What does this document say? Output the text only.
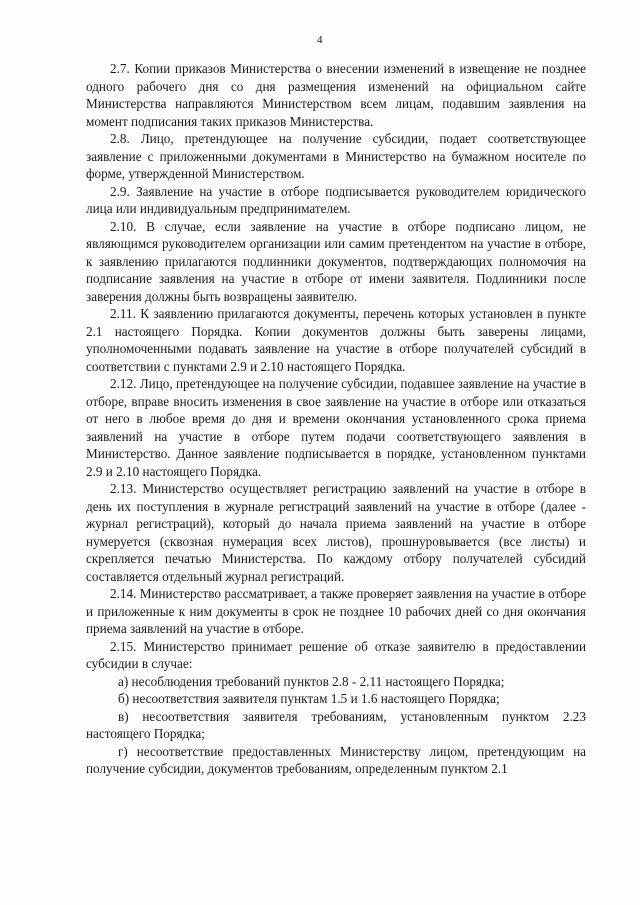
4

2.7. Копии приказов Министерства о внесении изменений в извещение не позднее одного рабочего дня со дня размещения изменений на официальном сайте Министерства направляются Министерством всем лицам, подавшим заявления на момент подписания таких приказов Министерства.

2.8. Лицо, претендующее на получение субсидии, подает соответствующее заявление с приложенными документами в Министерство на бумажном носителе по форме, утвержденной Министерством.

2.9. Заявление на участие в отборе подписывается руководителем юридического лица или индивидуальным предпринимателем.

2.10. В случае, если заявление на участие в отборе подписано лицом, не являющимся руководителем организации или самим претендентом на участие в отборе, к заявлению прилагаются подлинники документов, подтверждающих полномочия на подписание заявления на участие в отборе от имени заявителя. Подлинники после заверения должны быть возвращены заявителю.

2.11. К заявлению прилагаются документы, перечень которых установлен в пункте 2.1 настоящего Порядка. Копии документов должны быть заверены лицами, уполномоченными подавать заявление на участие в отборе получателей субсидий в соответствии с пунктами 2.9 и 2.10 настоящего Порядка.

2.12. Лицо, претендующее на получение субсидии, подавшее заявление на участие в отборе, вправе вносить изменения в свое заявление на участие в отборе или отказаться от него в любое время до дня и времени окончания установленного срока приема заявлений на участие в отборе путем подачи соответствующего заявления в Министерство. Данное заявление подписывается в порядке, установленном пунктами 2.9 и 2.10 настоящего Порядка.

2.13. Министерство осуществляет регистрацию заявлений на участие в отборе в день их поступления в журнале регистраций заявлений на участие в отборе (далее - журнал регистраций), который до начала приема заявлений на участие в отборе нумеруется (сквозная нумерация всех листов), прошнуровывается (все листы) и скрепляется печатью Министерства. По каждому отбору получателей субсидий составляется отдельный журнал регистраций.

2.14. Министерство рассматривает, а также проверяет заявления на участие в отборе и приложенные к ним документы в срок не позднее 10 рабочих дней со дня окончания приема заявлений на участие в отборе.

2.15. Министерство принимает решение об отказе заявителю в предоставлении субсидии в случае:

а) несоблюдения требований пунктов 2.8 - 2.11 настоящего Порядка;

б) несоответствия заявителя пунктам 1.5 и 1.6 настоящего Порядка;

в) несоответствия заявителя требованиям, установленным пунктом 2.23 настоящего Порядка;

г) несоответствие предоставленных Министерству лицом, претендующим на получение субсидии, документов требованиям, определенным пунктом 2.1
